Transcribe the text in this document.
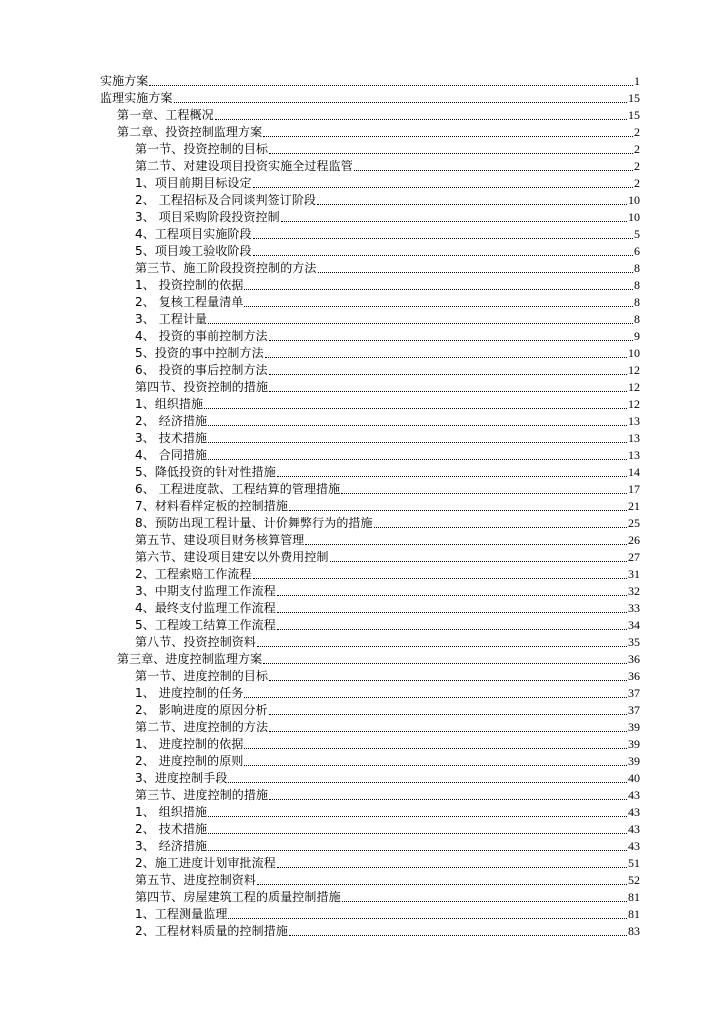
实施方案	1
监理实施方案	15
第一章、工程概况	15
第二章、投资控制监理方案	2
第一节、投资控制的目标	2
第二节、对建设项目投资实施全过程监管	2
1、项目前期目标设定	2
2、 工程招标及合同谈判签订阶段	10
3、 项目采购阶段投资控制	10
4、工程项目实施阶段	5
5、项目竣工验收阶段	6
第三节、施工阶段投资控制的方法	8
1、 投资控制的依据	8
2、 复核工程量清单	8
3、 工程计量	8
4、 投资的事前控制方法	9
5、投资的事中控制方法	10
6、 投资的事后控制方法	12
第四节、投资控制的措施	12
1、组织措施	12
2、 经济措施	13
3、 技术措施	13
4、 合同措施	13
5、降低投资的针对性措施	14
6、 工程进度款、工程结算的管理措施	17
7、材料看样定板的控制措施	21
8、预防出现工程计量、计价舞弊行为的措施	25
第五节、建设项目财务核算管理	26
第六节、建设项目建安以外费用控制	27
2、工程索赔工作流程	31
3、中期支付监理工作流程	32
4、最终支付监理工作流程	33
5、工程竣工结算工作流程	34
第八节、投资控制资料	35
第三章、进度控制监理方案	36
第一节、进度控制的目标	36
1、 进度控制的任务	37
2、 影响进度的原因分析	37
第二节、进度控制的方法	39
1、 进度控制的依据	39
2、 进度控制的原则	39
3、进度控制手段	40
第三节、进度控制的措施	43
1、 组织措施	43
2、 技术措施	43
3、 经济措施	43
2、施工进度计划审批流程	51
第五节、进度控制资料	52
第四节、房屋建筑工程的质量控制措施	81
1、工程测量监理	81
2、工程材料质量的控制措施	83
